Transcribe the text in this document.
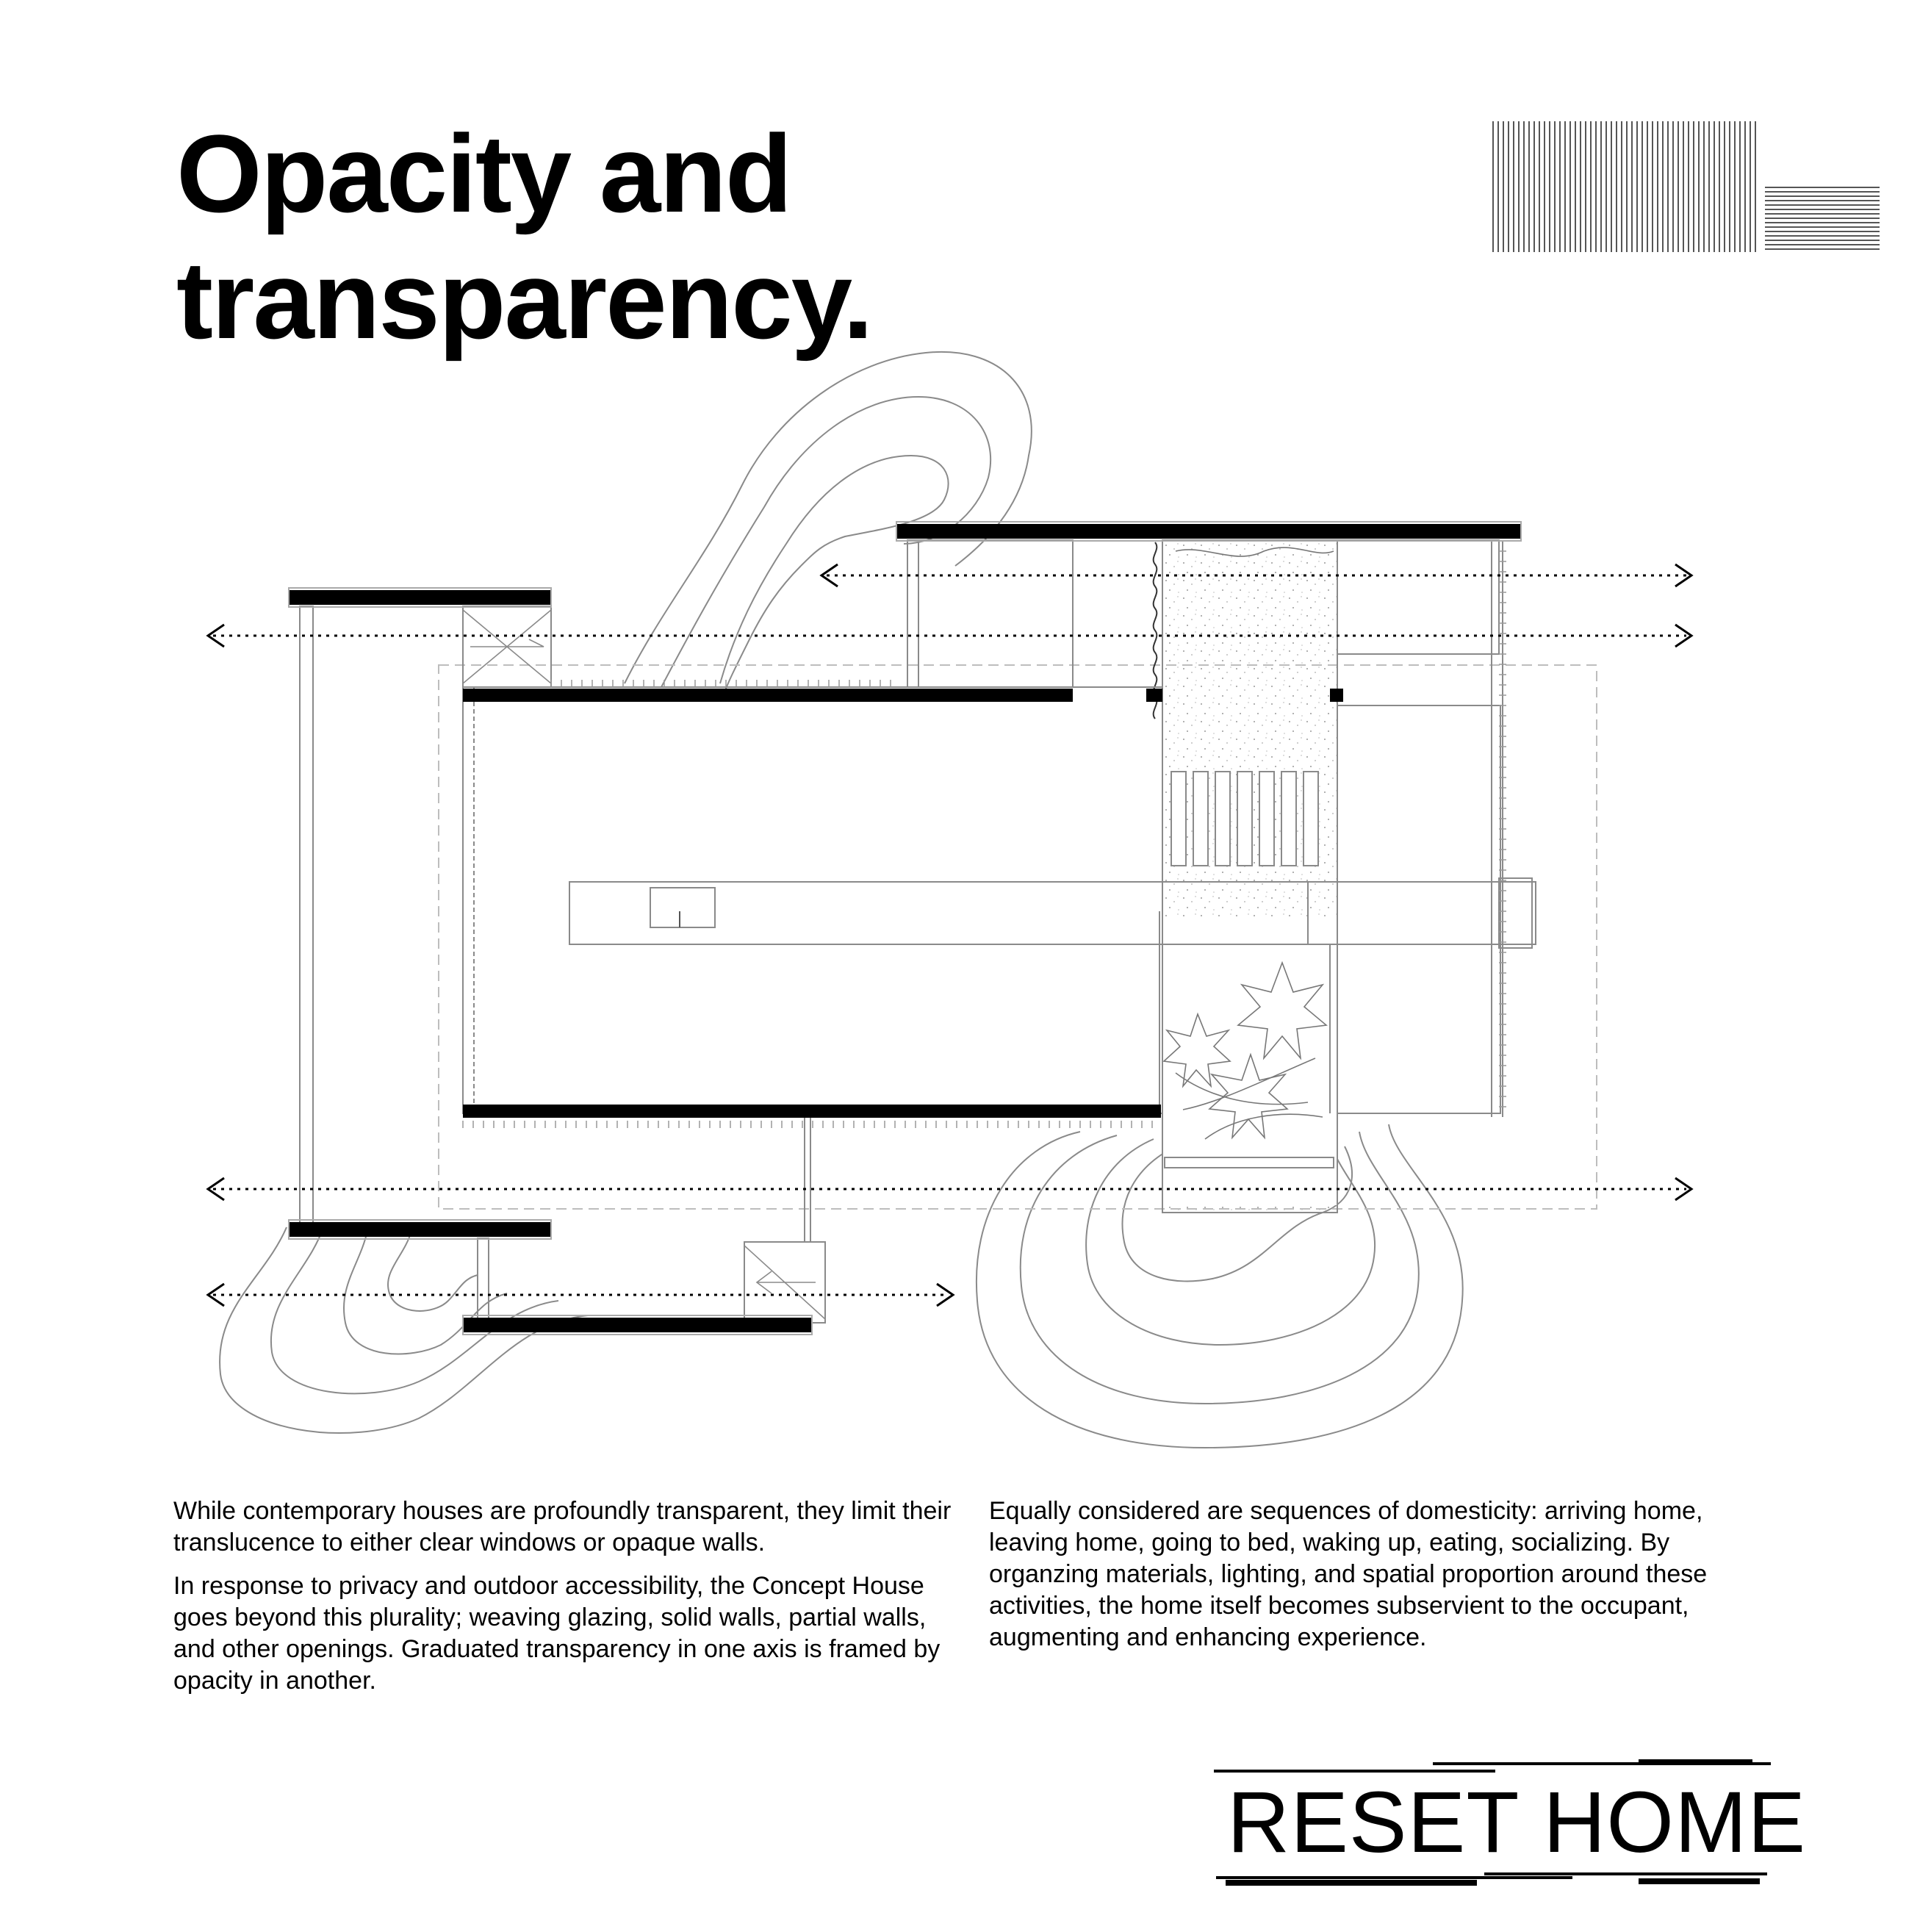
Opacity and
transparency.

While contemporary houses are profoundly transparent, they limit their translucence to either clear windows or opaque walls.

In response to privacy and outdoor accessibility, the Concept House goes beyond this plurality; weaving glazing, solid walls, partial walls, and other openings. Graduated transparency in one axis is framed by opacity in another.

Equally considered are sequences of domesticity: arriving home, leaving home, going to bed, waking up, eating, socializing. By organzing materials, lighting, and spatial proportion around these activities, the home itself becomes subservient to the occupant, augmenting and enhancing experience.

RESET HOME
